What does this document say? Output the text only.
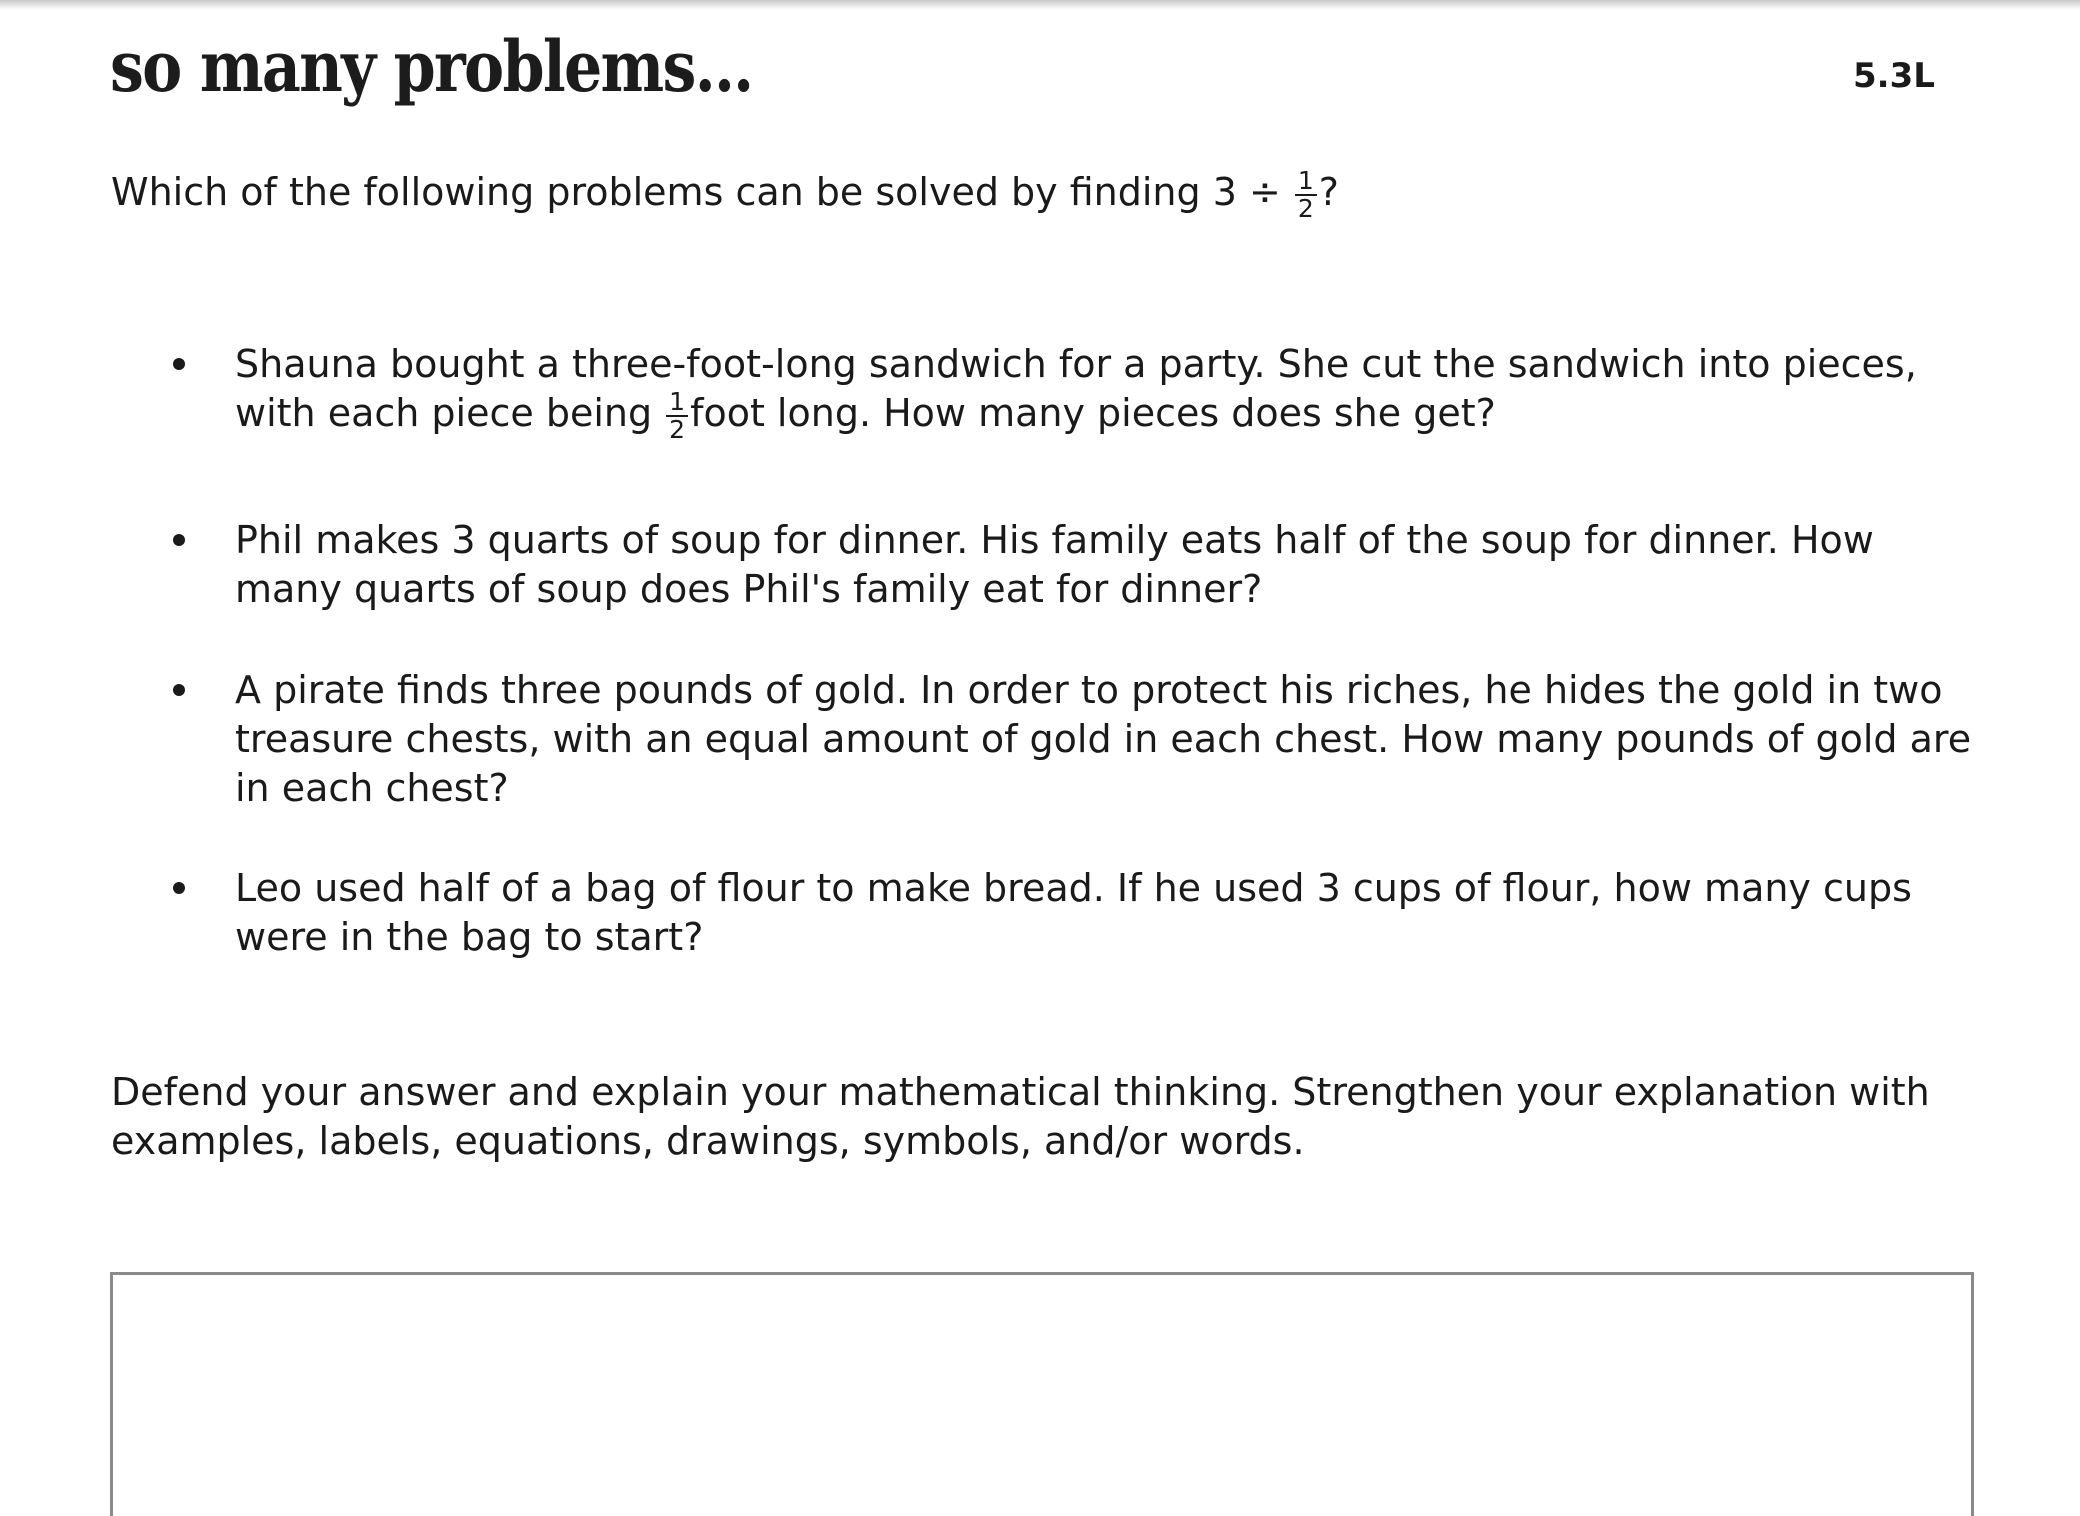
so many problems...	5.3L
Which of the following problems can be solved by finding $3 \div \frac{1}{2}$ ?
Shauna bought a three-foot-long sandwich for a party. She cut the sandwich into pieces, with each piece being $\frac{1}{2}$ foot long. How many pieces does she get?
Phil makes 3 quarts of soup for dinner. His family eats half of the soup for dinner. How many quarts of soup does Phil's family eat for dinner?
A pirate finds three pounds of gold. In order to protect his riches, he hides the gold in two treasure chests, with an equal amount of gold in each chest. How many pounds of gold are in each chest?
Leo used half of a bag of flour to make bread. If he used 3 cups of flour, how many cups were in the bag to start?
Defend your answer and explain your mathematical thinking. Strengthen your explanation with examples, labels, equations, drawings, symbols, and/or words.
